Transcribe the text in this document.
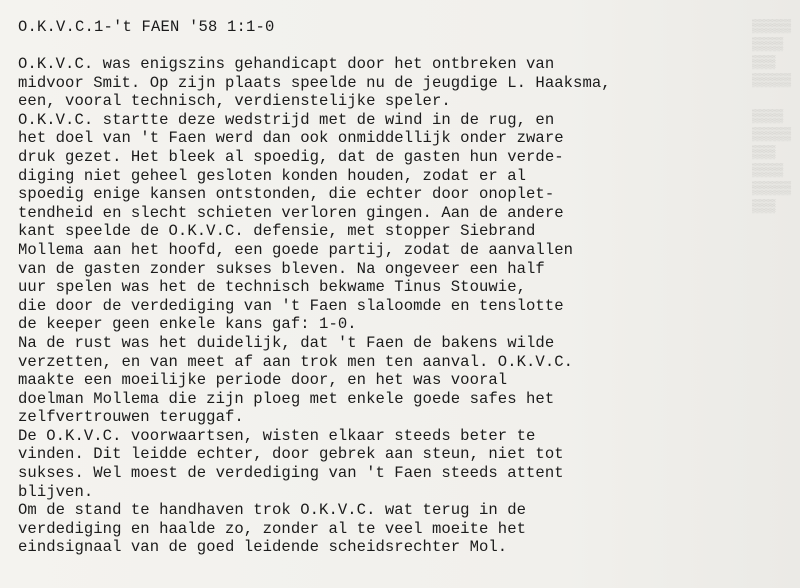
▒▒▒▒▒
▒▒▒▒
▒▒▒
▒▒▒▒▒

▒▒▒▒
▒▒▒▒▒
▒▒▒
▒▒▒▒
▒▒▒▒▒
▒▒▒

O.K.V.C.1-'t FAEN '58 1:1-0
O.K.V.C. was enigszins gehandicapt door het ontbreken van
midvoor Smit. Op zijn plaats speelde nu de jeugdige L. Haaksma,
een, vooral technisch, verdienstelijke speler.
O.K.V.C. startte deze wedstrijd met de wind in de rug, en
het doel van 't Faen werd dan ook onmiddellijk onder zware
druk gezet. Het bleek al spoedig, dat de gasten hun verde-
diging niet geheel gesloten konden houden, zodat er al
spoedig enige kansen ontstonden, die echter door onoplet-
tendheid en slecht schieten verloren gingen. Aan de andere
kant speelde de O.K.V.C. defensie, met stopper Siebrand
Mollema aan het hoofd, een goede partij, zodat de aanvallen
van de gasten zonder sukses bleven. Na ongeveer een half
uur spelen was het de technisch bekwame Tinus Stouwie,
die door de verdediging van 't Faen slaloomde en tenslotte
de keeper geen enkele kans gaf: 1-0.
Na de rust was het duidelijk, dat 't Faen de bakens wilde
verzetten, en van meet af aan trok men ten aanval. O.K.V.C.
maakte een moeilijke periode door, en het was vooral
doelman Mollema die zijn ploeg met enkele goede safes het
zelfvertrouwen teruggaf.
De O.K.V.C. voorwaartsen, wisten elkaar steeds beter te
vinden. Dit leidde echter, door gebrek aan steun, niet tot
sukses. Wel moest de verdediging van 't Faen steeds attent
blijven.
Om de stand te handhaven trok O.K.V.C. wat terug in de
verdediging en haalde zo, zonder al te veel moeite het
eindsignaal van de goed leidende scheidsrechter Mol.
